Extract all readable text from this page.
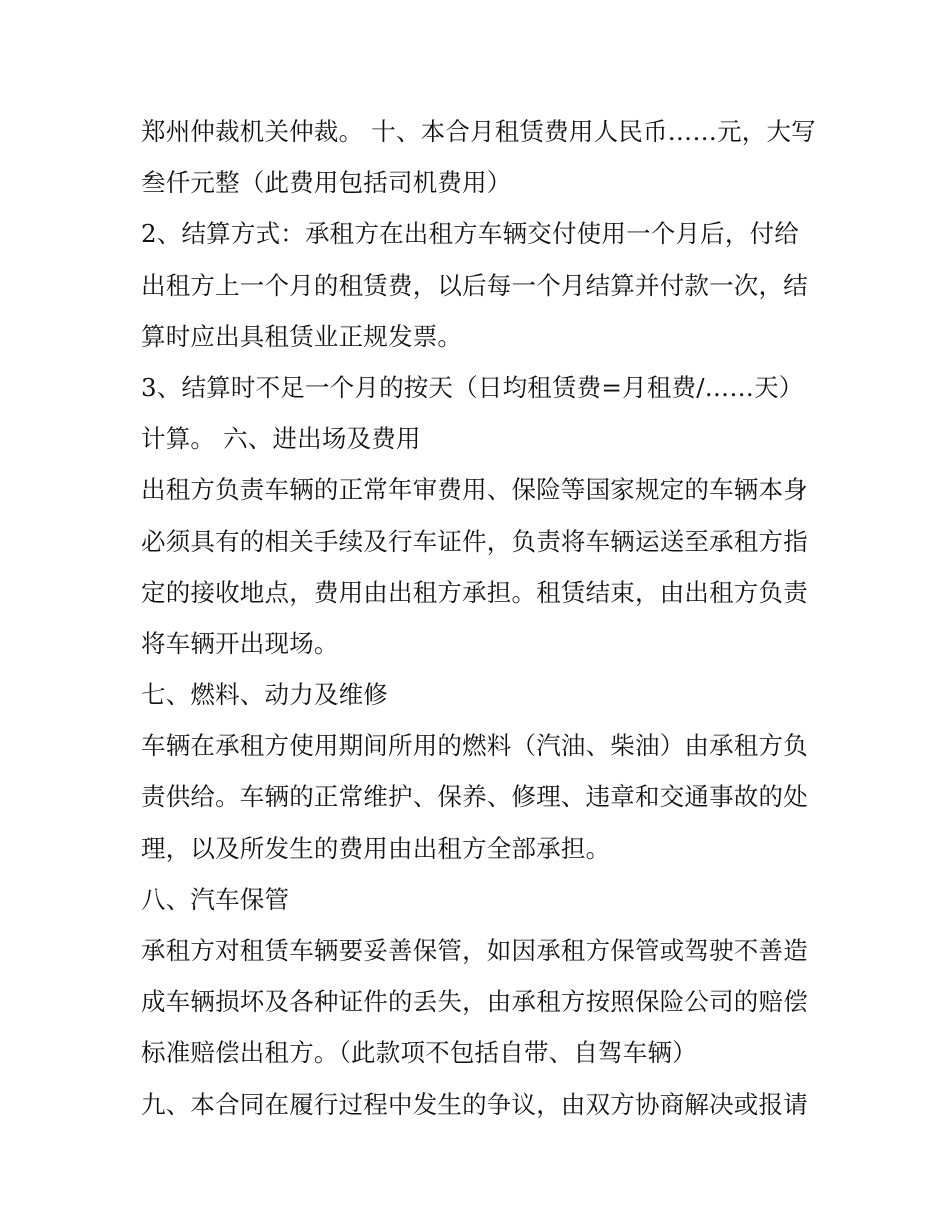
郑州仲裁机关仲裁。 十、本合月租赁费用人民币……元，大写
叁仟元整（此费用包括司机费用）
2、结算方式：承租方在出租方车辆交付使用一个月后，付给
出租方上一个月的租赁费，以后每一个月结算并付款一次，结
算时应出具租赁业正规发票。
3、结算时不足一个月的按天（日均租赁费=月租费/……天）
计算。 六、进出场及费用
出租方负责车辆的正常年审费用、保险等国家规定的车辆本身
必须具有的相关手续及行车证件，负责将车辆运送至承租方指
定的接收地点，费用由出租方承担。租赁结束，由出租方负责
将车辆开出现场。
七、燃料、动力及维修
车辆在承租方使用期间所用的燃料（汽油、柴油）由承租方负
责供给。车辆的正常维护、保养、修理、违章和交通事故的处
理，以及所发生的费用由出租方全部承担。
八、汽车保管
承租方对租赁车辆要妥善保管，如因承租方保管或驾驶不善造
成车辆损坏及各种证件的丢失，由承租方按照保险公司的赔偿
标准赔偿出租方。（此款项不包括自带、自驾车辆）
九、本合同在履行过程中发生的争议，由双方协商解决或报请
